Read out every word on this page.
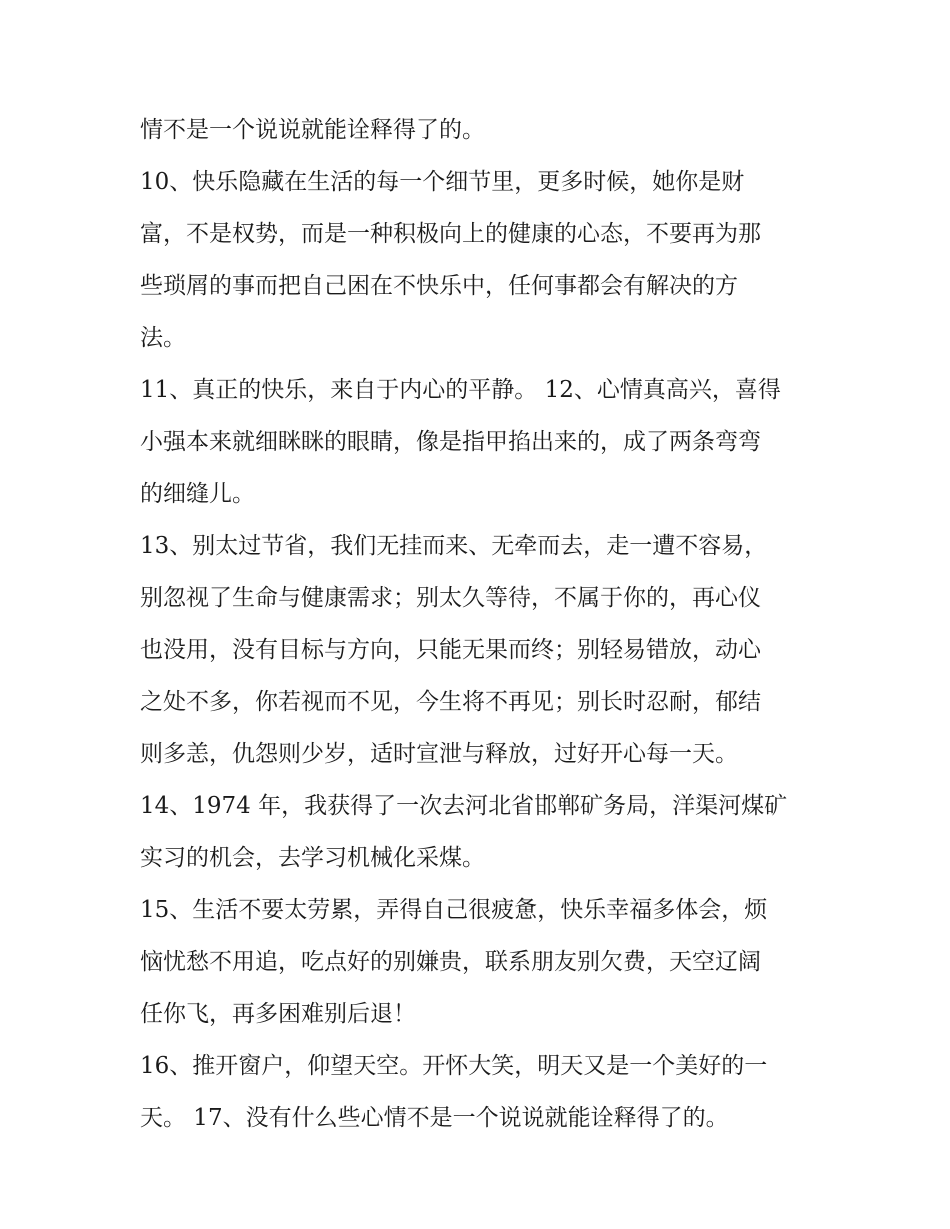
情不是一个说说就能诠释得了的。
10、快乐隐藏在生活的每一个细节里，更多时候，她你是财
富，不是权势，而是一种积极向上的健康的心态，不要再为那
些琐屑的事而把自己困在不快乐中，任何事都会有解决的方
法。
11、真正的快乐，来自于内心的平静。 12、心情真高兴，喜得
小强本来就细眯眯的眼睛，像是指甲掐出来的，成了两条弯弯
的细缝儿。
13、别太过节省，我们无挂而来、无牵而去，走一遭不容易，
别忽视了生命与健康需求；别太久等待，不属于你的，再心仪
也没用，没有目标与方向，只能无果而终；别轻易错放，动心
之处不多，你若视而不见，今生将不再见；别长时忍耐，郁结
则多恙，仇怨则少岁，适时宣泄与释放，过好开心每一天。
14、1974 年，我获得了一次去河北省邯郸矿务局，洋渠河煤矿
实习的机会，去学习机械化采煤。
15、生活不要太劳累，弄得自己很疲惫，快乐幸福多体会，烦
恼忧愁不用追，吃点好的别嫌贵，联系朋友别欠费，天空辽阔
任你飞，再多困难别后退！
16、推开窗户，仰望天空。开怀大笑，明天又是一个美好的一
天。 17、没有什么些心情不是一个说说就能诠释得了的。
